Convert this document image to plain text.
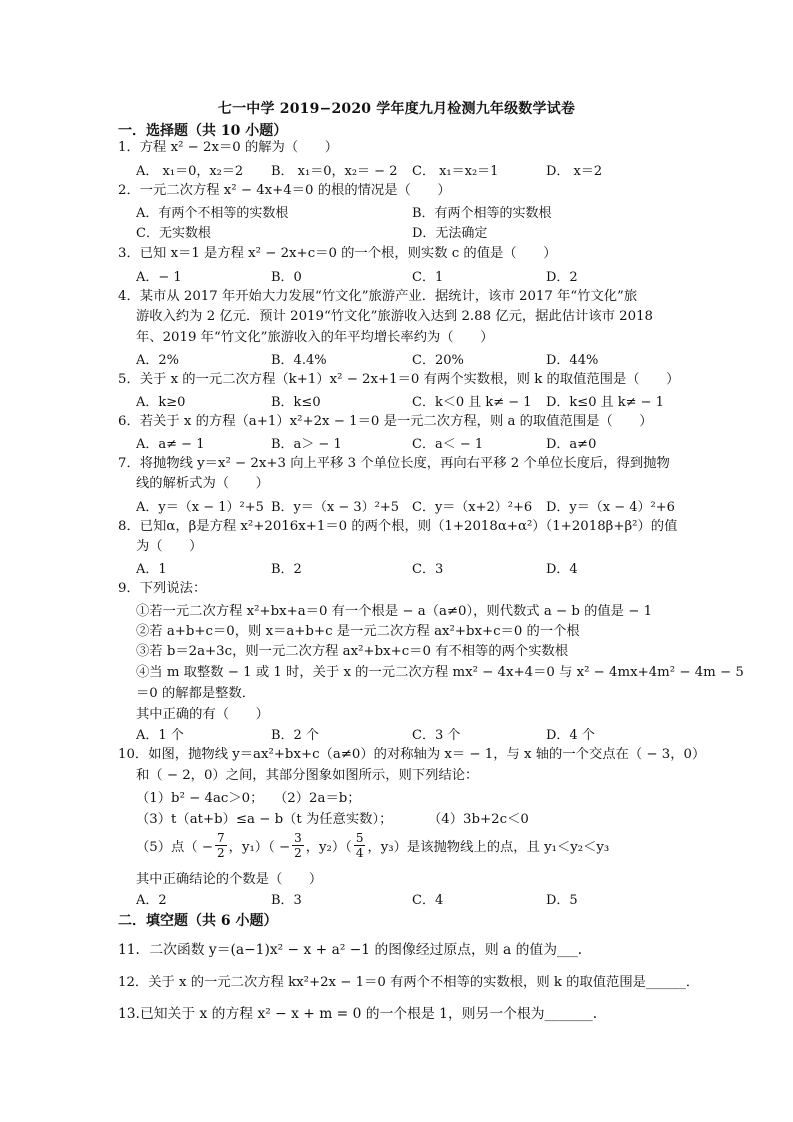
七一中学 2019−2020 学年度九月检测九年级数学试卷
一．选择题（共 10 小题）
1．方程 x² − 2x＝0 的解为（　　）
A． x₁＝0，x₂＝2 B． x₁＝0，x₂＝ − 2 C． x₁＝x₂＝1	D． x＝2
2．一元二次方程 x² − 4x+4＝0 的根的情况是（　　）
A．有两个不相等的实数根	B．有两个相等的实数根
C．无实数根	D．无法确定
3．已知 x＝1 是方程 x² − 2x+c＝0 的一个根，则实数 c 的值是（　　）
A．− 1	B．0	C．1	D．2
4．某市从 2017 年开始大力发展“竹文化”旅游产业．据统计，该市 2017 年“竹文化”旅
游收入约为 2 亿元．预计 2019“竹文化”旅游收入达到 2.88 亿元，据此估计该市 2018
年、2019 年“竹文化”旅游收入的年平均增长率约为（　　）
A．2%	B．4.4%	C．20%	D．44%
5．关于 x 的一元二次方程（k+1）x² − 2x+1＝0 有两个实数根，则 k 的取值范围是（　　）
A．k≥0	B．k≤0	C．k＜0 且 k≠ − 1 D．k≤0 且 k≠ − 1
6．若关于 x 的方程（a+1）x²+2x − 1＝0 是一元二次方程，则 a 的取值范围是（　　）
A．a≠ − 1	B．a＞ − 1	C．a＜ − 1	D．a≠0
7．将抛物线 y＝x² − 2x+3 向上平移 3 个单位长度，再向右平移 2 个单位长度后，得到抛物
线的解析式为（　　）
A．y＝（x − 1）²+5 B．y＝（x − 3）²+5 C．y＝（x+2）²+6 D．y＝（x − 4）²+6
8．已知α，β是方程 x²+2016x+1＝0 的两个根，则（1+2018α+α²）（1+2018β+β²）的值
为（　　）
A．1	B．2	C．3	D．4
9．下列说法：
①若一元二次方程 x²+bx+a＝0 有一个根是 − a（a≠0），则代数式 a − b 的值是 − 1
②若 a+b+c＝0，则 x＝a+b+c 是一元二次方程 ax²+bx+c＝0 的一个根
③若 b＝2a+3c，则一元二次方程 ax²+bx+c＝0 有不相等的两个实数根
④当 m 取整数 − 1 或 1 时，关于 x 的一元二次方程 mx² − 4x+4＝0 与 x² − 4mx+4m² − 4m − 5
＝0 的解都是整数．
其中正确的有（　　）
A．1 个	B．2 个	C．3 个	D．4 个
10．如图，抛物线 y＝ax²+bx+c（a≠0）的对称轴为 x＝ − 1，与 x 轴的一个交点在（ − 3，0）
和（ − 2，0）之间，其部分图象如图所示，则下列结论：
（1）b² − 4ac＞0； （2）2a＝b；
（3）t（at+b）≤a − b（t 为任意实数）；	（4）3b+2c＜0
（5）点（ − $\frac{7}{2}$ ，$y_1)( - \frac{3}{2}$ ，$y_2)( \frac{5}{4}$ ，y₃）是该抛物线上的点，且 y₁＜y₂＜y₃
其中正确结论的个数是（　　）
A．2	B．3	C．4	D．5
二．填空题（共 6 小题）
11．二次函数 y＝(a−1)x² − x + a² −1 的图像经过原点，则 a 的值为___．
12．关于 x 的一元二次方程 kx²+2x − 1＝0 有两个不相等的实数根，则 k 的取值范围是______．
13.已知关于 x 的方程 x² − x + m = 0 的一个根是 1，则另一个根为_______．
